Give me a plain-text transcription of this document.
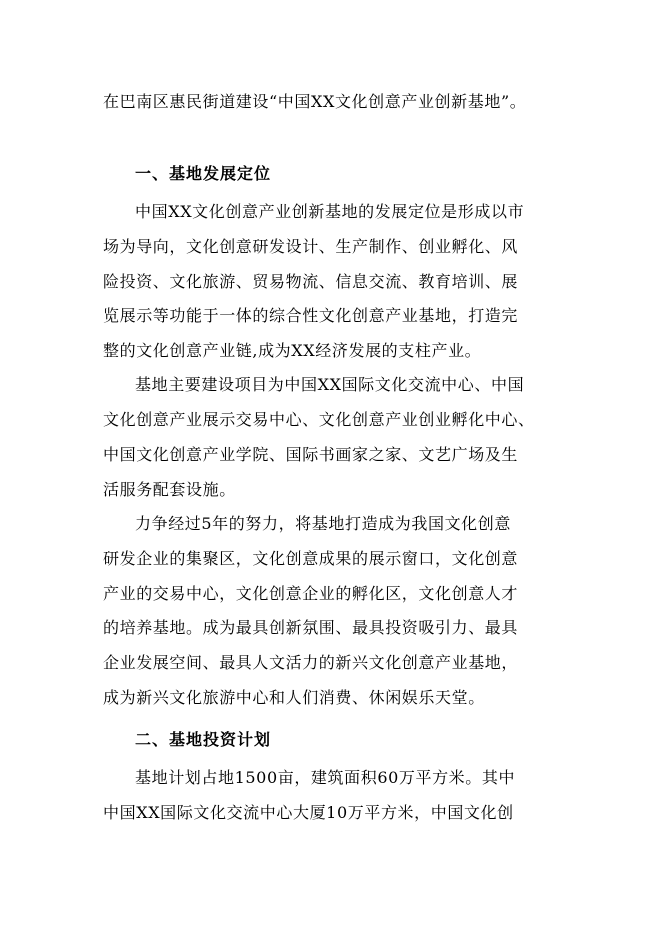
在巴南区惠民街道建设“中国XX文化创意产业创新基地”。
一、基地发展定位
中国XX文化创意产业创新基地的发展定位是形成以市
场为导向，文化创意研发设计、生产制作、创业孵化、风
险投资、文化旅游、贸易物流、信息交流、教育培训、展
览展示等功能于一体的综合性文化创意产业基地，打造完
整的文化创意产业链,成为XX经济发展的支柱产业。
基地主要建设项目为中国XX国际文化交流中心、中国
文化创意产业展示交易中心、文化创意产业创业孵化中心、
中国文化创意产业学院、国际书画家之家、文艺广场及生
活服务配套设施。
力争经过5年的努力，将基地打造成为我国文化创意
研发企业的集聚区，文化创意成果的展示窗口，文化创意
产业的交易中心，文化创意企业的孵化区，文化创意人才
的培养基地。成为最具创新氛围、最具投资吸引力、最具
企业发展空间、最具人文活力的新兴文化创意产业基地，
成为新兴文化旅游中心和人们消费、休闲娱乐天堂。
二、基地投资计划
基地计划占地1500亩，建筑面积60万平方米。其中
中国XX国际文化交流中心大厦10万平方米，中国文化创
